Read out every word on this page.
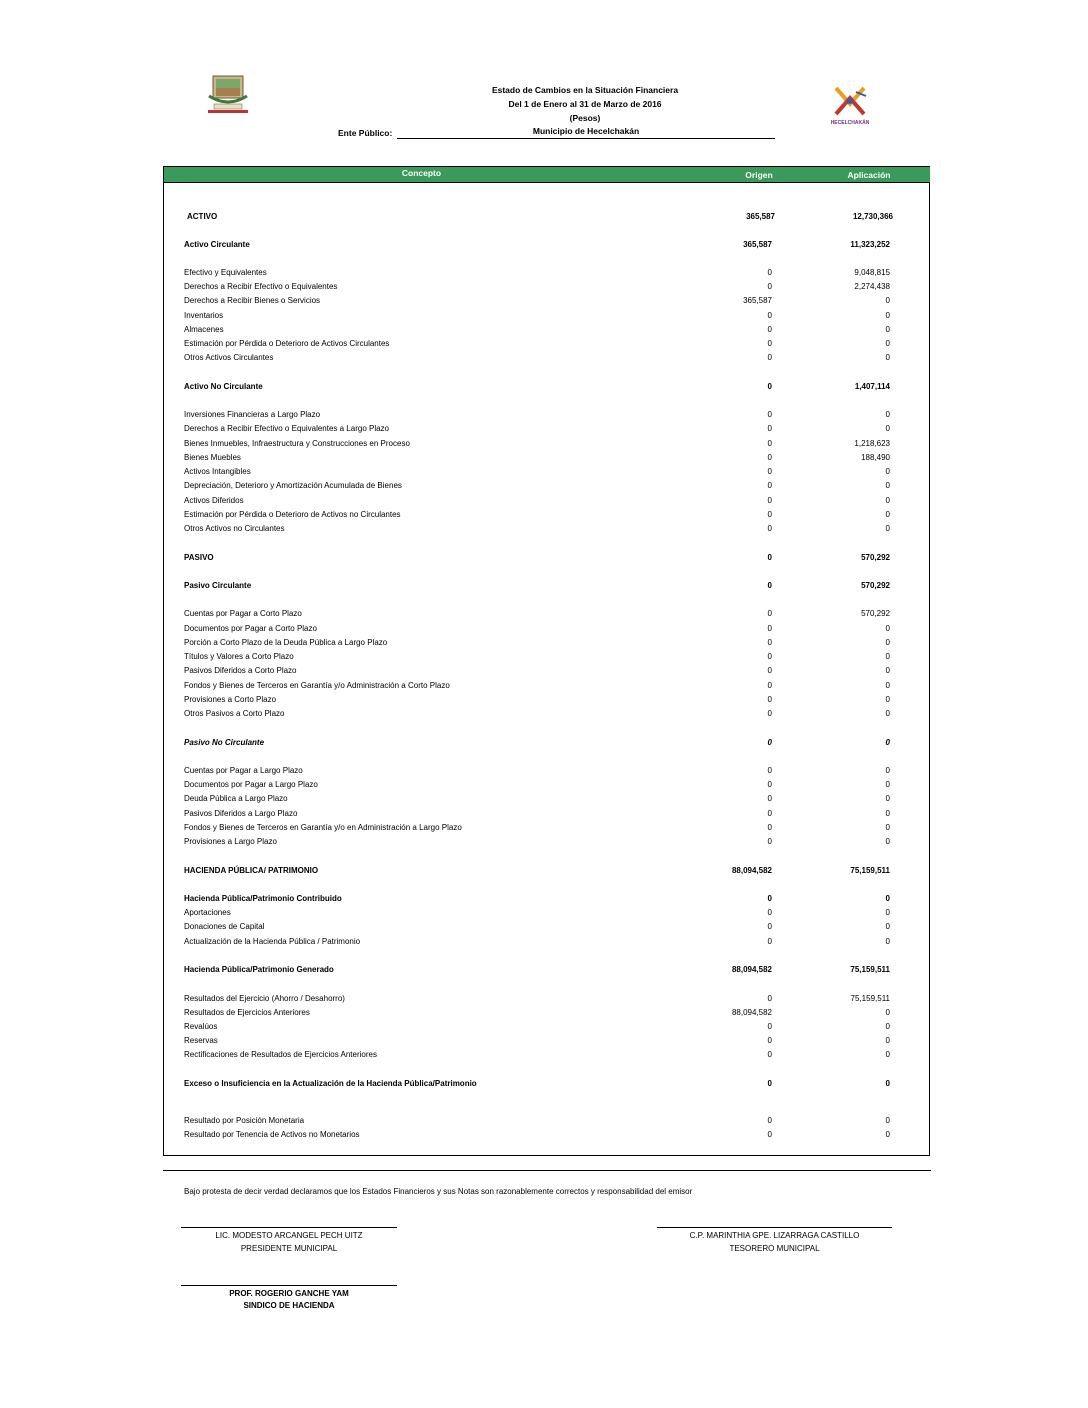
Estado de Cambios en la Situación Financiera
Del 1 de Enero al 31 de Marzo de 2016
(Pesos)
Ente Público:	Municipio de Hecelchakán
HECELCHAKÁN
Concepto	Origen	Aplicación
ACTIVO	365,587	12,730,366
Activo Circulante	365,587	11,323,252
Efectivo y Equivalentes	0	9,048,815
Derechos a Recibir Efectivo o Equivalentes	0	2,274,438
Derechos a Recibir Bienes o Servicios	365,587	0
Inventarios	0	0
Almacenes	0	0
Estimación por Pérdida o Deterioro de Activos Circulantes	0	0
Otros Activos Circulantes	0	0
Activo No Circulante	0	1,407,114
Inversiones Financieras a Largo Plazo	0	0
Derechos a Recibir Efectivo o Equivalentes a Largo Plazo	0	0
Bienes Inmuebles, Infraestructura y Construcciones en Proceso	0	1,218,623
Bienes Muebles	0	188,490
Activos Intangibles	0	0
Depreciación, Deterioro y Amortización Acumulada de Bienes	0	0
Activos Diferidos	0	0
Estimación por Pérdida o Deterioro de Activos no Circulantes	0	0
Otros Activos no Circulantes	0	0
PASIVO	0	570,292
Pasivo Circulante	0	570,292
Cuentas por Pagar a Corto Plazo	0	570,292
Documentos por Pagar a Corto Plazo	0	0
Porción a Corto Plazo de la Deuda Pública a Largo Plazo	0	0
Títulos y Valores a Corto Plazo	0	0
Pasivos Diferidos a Corto Plazo	0	0
Fondos y Bienes de Terceros en Garantía y/o Administración a Corto Plazo	0	0
Provisiones a Corto Plazo	0	0
Otros Pasivos a Corto Plazo	0	0
Pasivo No Circulante	0	0
Cuentas por Pagar a Largo Plazo	0	0
Documentos por Pagar a Largo Plazo	0	0
Deuda Pública a Largo Plazo	0	0
Pasivos Diferidos a Largo Plazo	0	0
Fondos y Bienes de Terceros en Garantía y/o en Administración a Largo Plazo	0	0
Provisiones a Largo Plazo	0	0
HACIENDA PÚBLICA/ PATRIMONIO	88,094,582	75,159,511
Hacienda Pública/Patrimonio Contribuido	0	0
Aportaciones	0	0
Donaciones de Capital	0	0
Actualización de la Hacienda Pública / Patrimonio	0	0
Hacienda Pública/Patrimonio Generado	88,094,582	75,159,511
Resultados del Ejercicio (Ahorro / Desahorro)	0	75,159,511
Resultados de Ejercicios Anteriores	88,094,582	0
Revalúos	0	0
Reservas	0	0
Rectificaciones de Resultados de Ejercicios Anteriores	0	0
Exceso o Insuficiencia en la Actualización de la Hacienda Pública/Patrimonio	0	0
Resultado por Posición Monetaria	0	0
Resultado por Tenencia de Activos no Monetarios	0	0
Bajo protesta de decir verdad declaramos que los Estados Financieros y sus Notas son razonablemente correctos y responsabilidad del emisor
LIC. MODESTO ARCANGEL PECH UITZ
PRESIDENTE MUNICIPAL
C.P. MARINTHIA GPE. LIZARRAGA CASTILLO
TESORERO MUNICIPAL
PROF. ROGERIO GANCHE YAM
SINDICO DE HACIENDA
